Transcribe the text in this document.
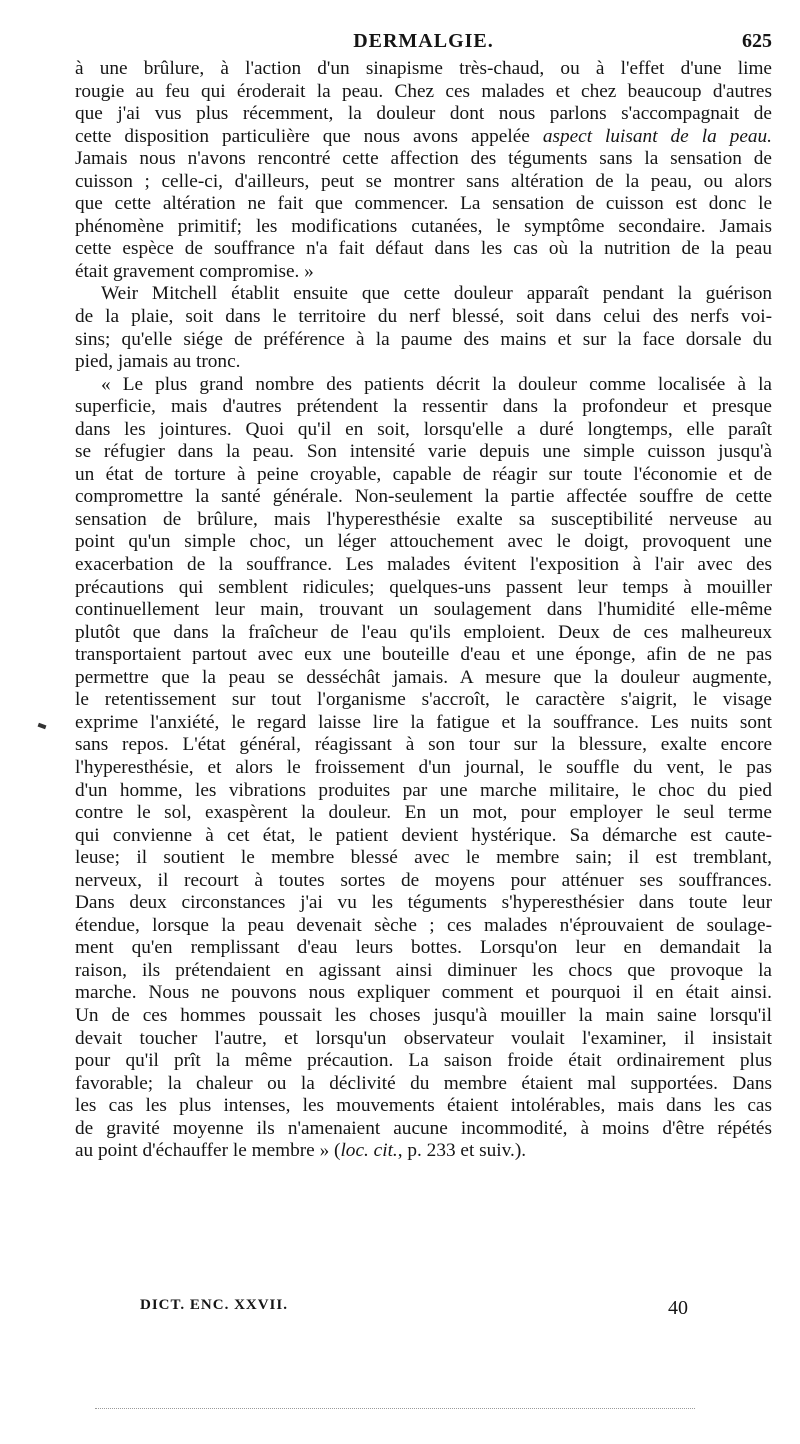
DERMALGIE.	625
à une brûlure, à l'action d'un sinapisme très-chaud, ou à l'effet d'une lime
rougie au feu qui éroderait la peau. Chez ces malades et chez beaucoup d'autres
que j'ai vus plus récemment, la douleur dont nous parlons s'accompagnait de
cette disposition particulière que nous avons appelée aspect luisant de la peau.
Jamais nous n'avons rencontré cette affection des téguments sans la sensation de
cuisson ; celle-ci, d'ailleurs, peut se montrer sans altération de la peau, ou alors
que cette altération ne fait que commencer. La sensation de cuisson est donc le
phénomène primitif; les modifications cutanées, le symptôme secondaire. Jamais
cette espèce de souffrance n'a fait défaut dans les cas où la nutrition de la peau
était gravement compromise. »
Weir Mitchell établit ensuite que cette douleur apparaît pendant la guérison
de la plaie, soit dans le territoire du nerf blessé, soit dans celui des nerfs voi-
sins; qu'elle siége de préférence à la paume des mains et sur la face dorsale du
pied, jamais au tronc.
« Le plus grand nombre des patients décrit la douleur comme localisée à la
superficie, mais d'autres prétendent la ressentir dans la profondeur et presque
dans les jointures. Quoi qu'il en soit, lorsqu'elle a duré longtemps, elle paraît
se réfugier dans la peau. Son intensité varie depuis une simple cuisson jusqu'à
un état de torture à peine croyable, capable de réagir sur toute l'économie et de
compromettre la santé générale. Non-seulement la partie affectée souffre de cette
sensation de brûlure, mais l'hyperesthésie exalte sa susceptibilité nerveuse au
point qu'un simple choc, un léger attouchement avec le doigt, provoquent une
exacerbation de la souffrance. Les malades évitent l'exposition à l'air avec des
précautions qui semblent ridicules; quelques-uns passent leur temps à mouiller
continuellement leur main, trouvant un soulagement dans l'humidité elle-même
plutôt que dans la fraîcheur de l'eau qu'ils emploient. Deux de ces malheureux
transportaient partout avec eux une bouteille d'eau et une éponge, afin de ne pas
permettre que la peau se desséchât jamais. A mesure que la douleur augmente,
le retentissement sur tout l'organisme s'accroît, le caractère s'aigrit, le visage
exprime l'anxiété, le regard laisse lire la fatigue et la souffrance. Les nuits sont
sans repos. L'état général, réagissant à son tour sur la blessure, exalte encore
l'hyperesthésie, et alors le froissement d'un journal, le souffle du vent, le pas
d'un homme, les vibrations produites par une marche militaire, le choc du pied
contre le sol, exaspèrent la douleur. En un mot, pour employer le seul terme
qui convienne à cet état, le patient devient hystérique. Sa démarche est caute-
leuse; il soutient le membre blessé avec le membre sain; il est tremblant,
nerveux, il recourt à toutes sortes de moyens pour atténuer ses souffrances.
Dans deux circonstances j'ai vu les téguments s'hyperesthésier dans toute leur
étendue, lorsque la peau devenait sèche ; ces malades n'éprouvaient de soulage-
ment qu'en remplissant d'eau leurs bottes. Lorsqu'on leur en demandait la
raison, ils prétendaient en agissant ainsi diminuer les chocs que provoque la
marche. Nous ne pouvons nous expliquer comment et pourquoi il en était ainsi.
Un de ces hommes poussait les choses jusqu'à mouiller la main saine lorsqu'il
devait toucher l'autre, et lorsqu'un observateur voulait l'examiner, il insistait
pour qu'il prît la même précaution. La saison froide était ordinairement plus
favorable; la chaleur ou la déclivité du membre étaient mal supportées. Dans
les cas les plus intenses, les mouvements étaient intolérables, mais dans les cas
de gravité moyenne ils n'amenaient aucune incommodité, à moins d'être répétés
au point d'échauffer le membre » (loc. cit., p. 233 et suiv.).
DICT. ENC. XXVII.	40
